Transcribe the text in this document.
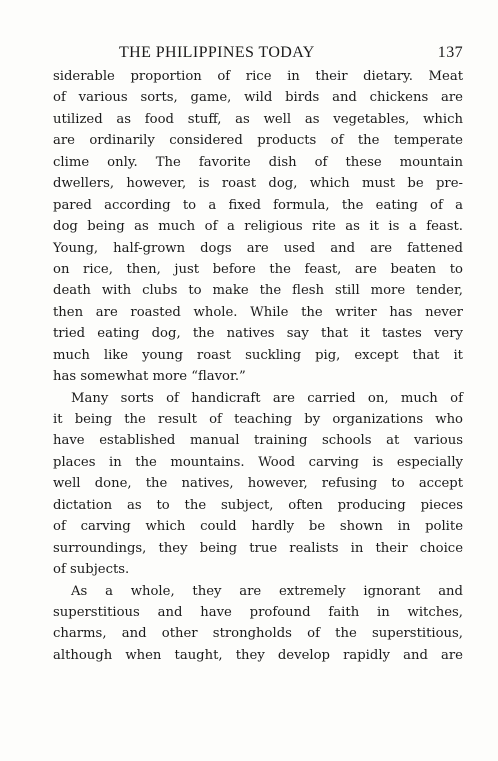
THE PHILIPPINES TODAY	137
siderable proportion of rice in their dietary. Meat
of various sorts, game, wild birds and chickens are
utilized as food stuff, as well as vegetables, which
are ordinarily considered products of the temperate
clime only. The favorite dish of these mountain
dwellers, however, is roast dog, which must be pre-
pared according to a fixed formula, the eating of a
dog being as much of a religious rite as it is a feast.
Young, half-grown dogs are used and are fattened
on rice, then, just before the feast, are beaten to
death with clubs to make the flesh still more tender,
then are roasted whole. While the writer has never
tried eating dog, the natives say that it tastes very
much like young roast suckling pig, except that it
has somewhat more “flavor.”
Many sorts of handicraft are carried on, much of
it being the result of teaching by organizations who
have established manual training schools at various
places in the mountains. Wood carving is especially
well done, the natives, however, refusing to accept
dictation as to the subject, often producing pieces
of carving which could hardly be shown in polite
surroundings, they being true realists in their choice
of subjects.
As a whole, they are extremely ignorant and
superstitious and have profound faith in witches,
charms, and other strongholds of the superstitious,
although when taught, they develop rapidly and are
